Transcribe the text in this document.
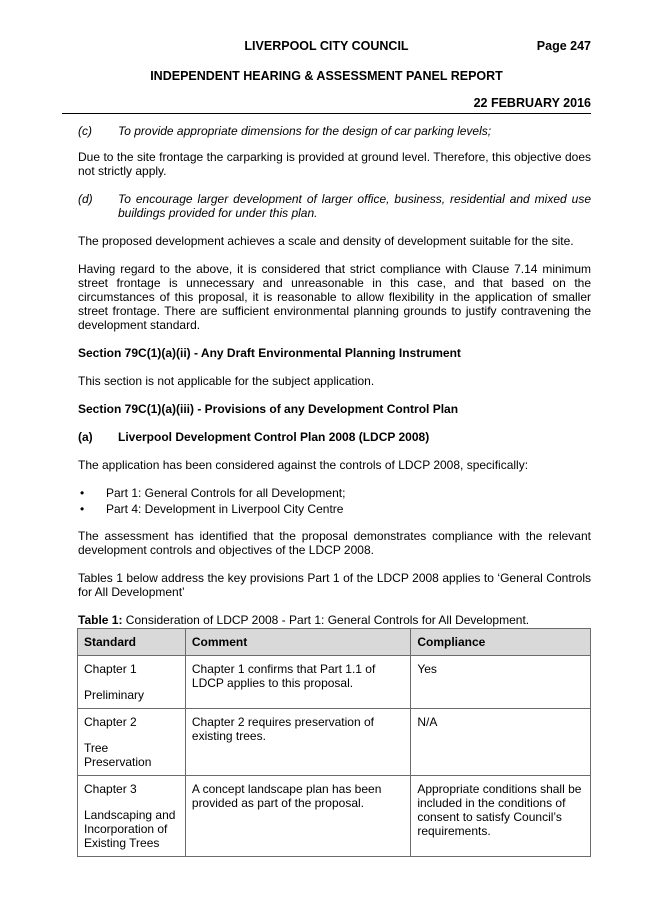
LIVERPOOL CITY COUNCIL	Page 247
INDEPENDENT HEARING & ASSESSMENT PANEL REPORT
22 FEBRUARY 2016
(c)	To provide appropriate dimensions for the design of car parking levels;

Due to the site frontage the carparking is provided at ground level. Therefore, this objective does not strictly apply.

(d)	To encourage larger development of larger office, business, residential and mixed use buildings provided for under this plan.

The proposed development achieves a scale and density of development suitable for the site.

Having regard to the above, it is considered that strict compliance with Clause 7.14 minimum street frontage is unnecessary and unreasonable in this case, and that based on the circumstances of this proposal, it is reasonable to allow flexibility in the application of smaller street frontage. There are sufficient environmental planning grounds to justify contravening the development standard.

Section 79C(1)(a)(ii) - Any Draft Environmental Planning Instrument

This section is not applicable for the subject application.

Section 79C(1)(a)(iii) - Provisions of any Development Control Plan

(a)	Liverpool Development Control Plan 2008 (LDCP 2008)

The application has been considered against the controls of LDCP 2008, specifically:

•	Part 1: General Controls for all Development;
•	Part 4: Development in Liverpool City Centre

The assessment has identified that the proposal demonstrates compliance with the relevant development controls and objectives of the LDCP 2008.

Tables 1 below address the key provisions Part 1 of the LDCP 2008 applies to ‘General Controls for All Development’

Table 1: Consideration of LDCP 2008 - Part 1: General Controls for All Development.

Standard	Comment	Compliance

Chapter 1
Preliminary	Chapter 1 confirms that Part 1.1 of LDCP applies to this proposal.	Yes

Chapter 2
Tree Preservation	Chapter 2 requires preservation of existing trees.	N/A

Chapter 3
Landscaping and Incorporation of Existing Trees	A concept landscape plan has been provided as part of the proposal.	Appropriate conditions shall be included in the conditions of consent to satisfy Council’s requirements.
